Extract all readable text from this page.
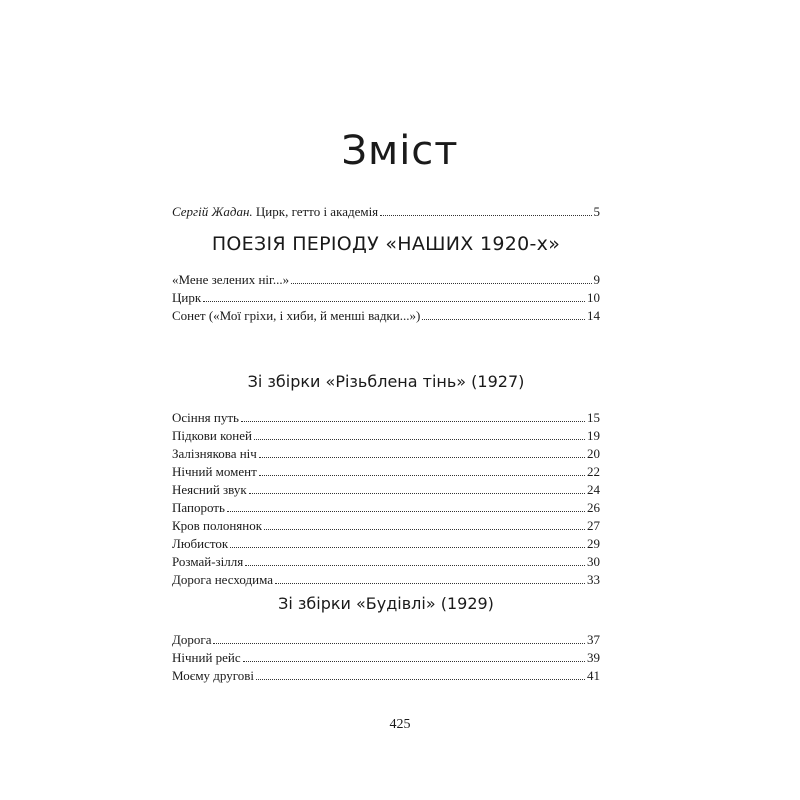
Зміст
Сергій Жадан. Цирк, гетто і академія	5
ПОЕЗІЯ ПЕРІОДУ «НАШИХ 1920-х»
«Мене зелених ніг...»	9
Цирк	10
Сонет («Мої гріхи, і хиби, й менші вадки...»)	14
Зі збірки «Різьблена тінь» (1927)
Осіння путь	15
Підкови коней	19
Залізнякова ніч	20
Нічний момент	22
Неясний звук	24
Папороть	26
Кров полонянок	27
Любисток	29
Розмай-зілля	30
Дорога несходима	33
Зі збірки «Будівлі» (1929)
Дорога	37
Нічний рейс	39
Моєму другові	41
425
